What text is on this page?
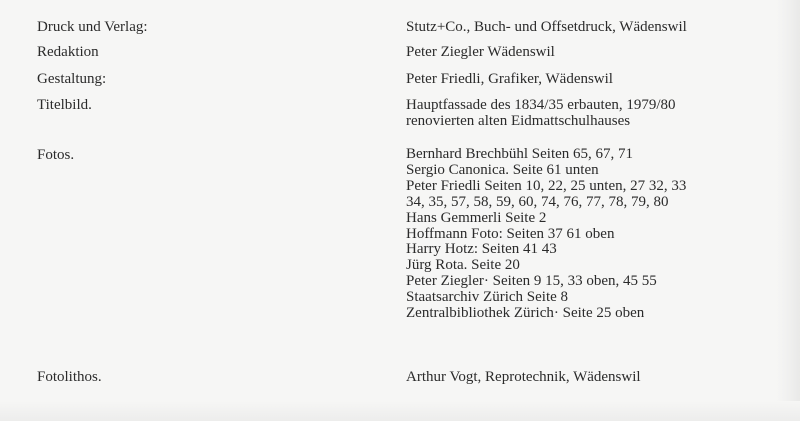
Druck und Verlag:	Stutz+Co., Buch- und Offsetdruck, Wädenswil
Redaktion	Peter Ziegler Wädenswil
Gestaltung:	Peter Friedli, Grafiker, Wädenswil
Titelbild.	Hauptfassade des 1834/35 erbauten, 1979/80
renovierten alten Eidmattschulhauses
Fotos.	Bernhard Brechbühl Seiten 65, 67, 71
Sergio Canonica. Seite 61 unten
Peter Friedli Seiten 10, 22, 25 unten, 27 32, 33
34, 35, 57, 58, 59, 60, 74, 76, 77, 78, 79, 80
Hans Gemmerli Seite 2
Hoffmann Foto: Seiten 37 61 oben
Harry Hotz: Seiten 41 43
Jürg Rota. Seite 20
Peter Ziegler· Seiten 9 15, 33 oben, 45 55
Staatsarchiv Zürich Seite 8
Zentralbibliothek Zürich· Seite 25 oben
Fotolithos.	Arthur Vogt, Reprotechnik, Wädenswil
